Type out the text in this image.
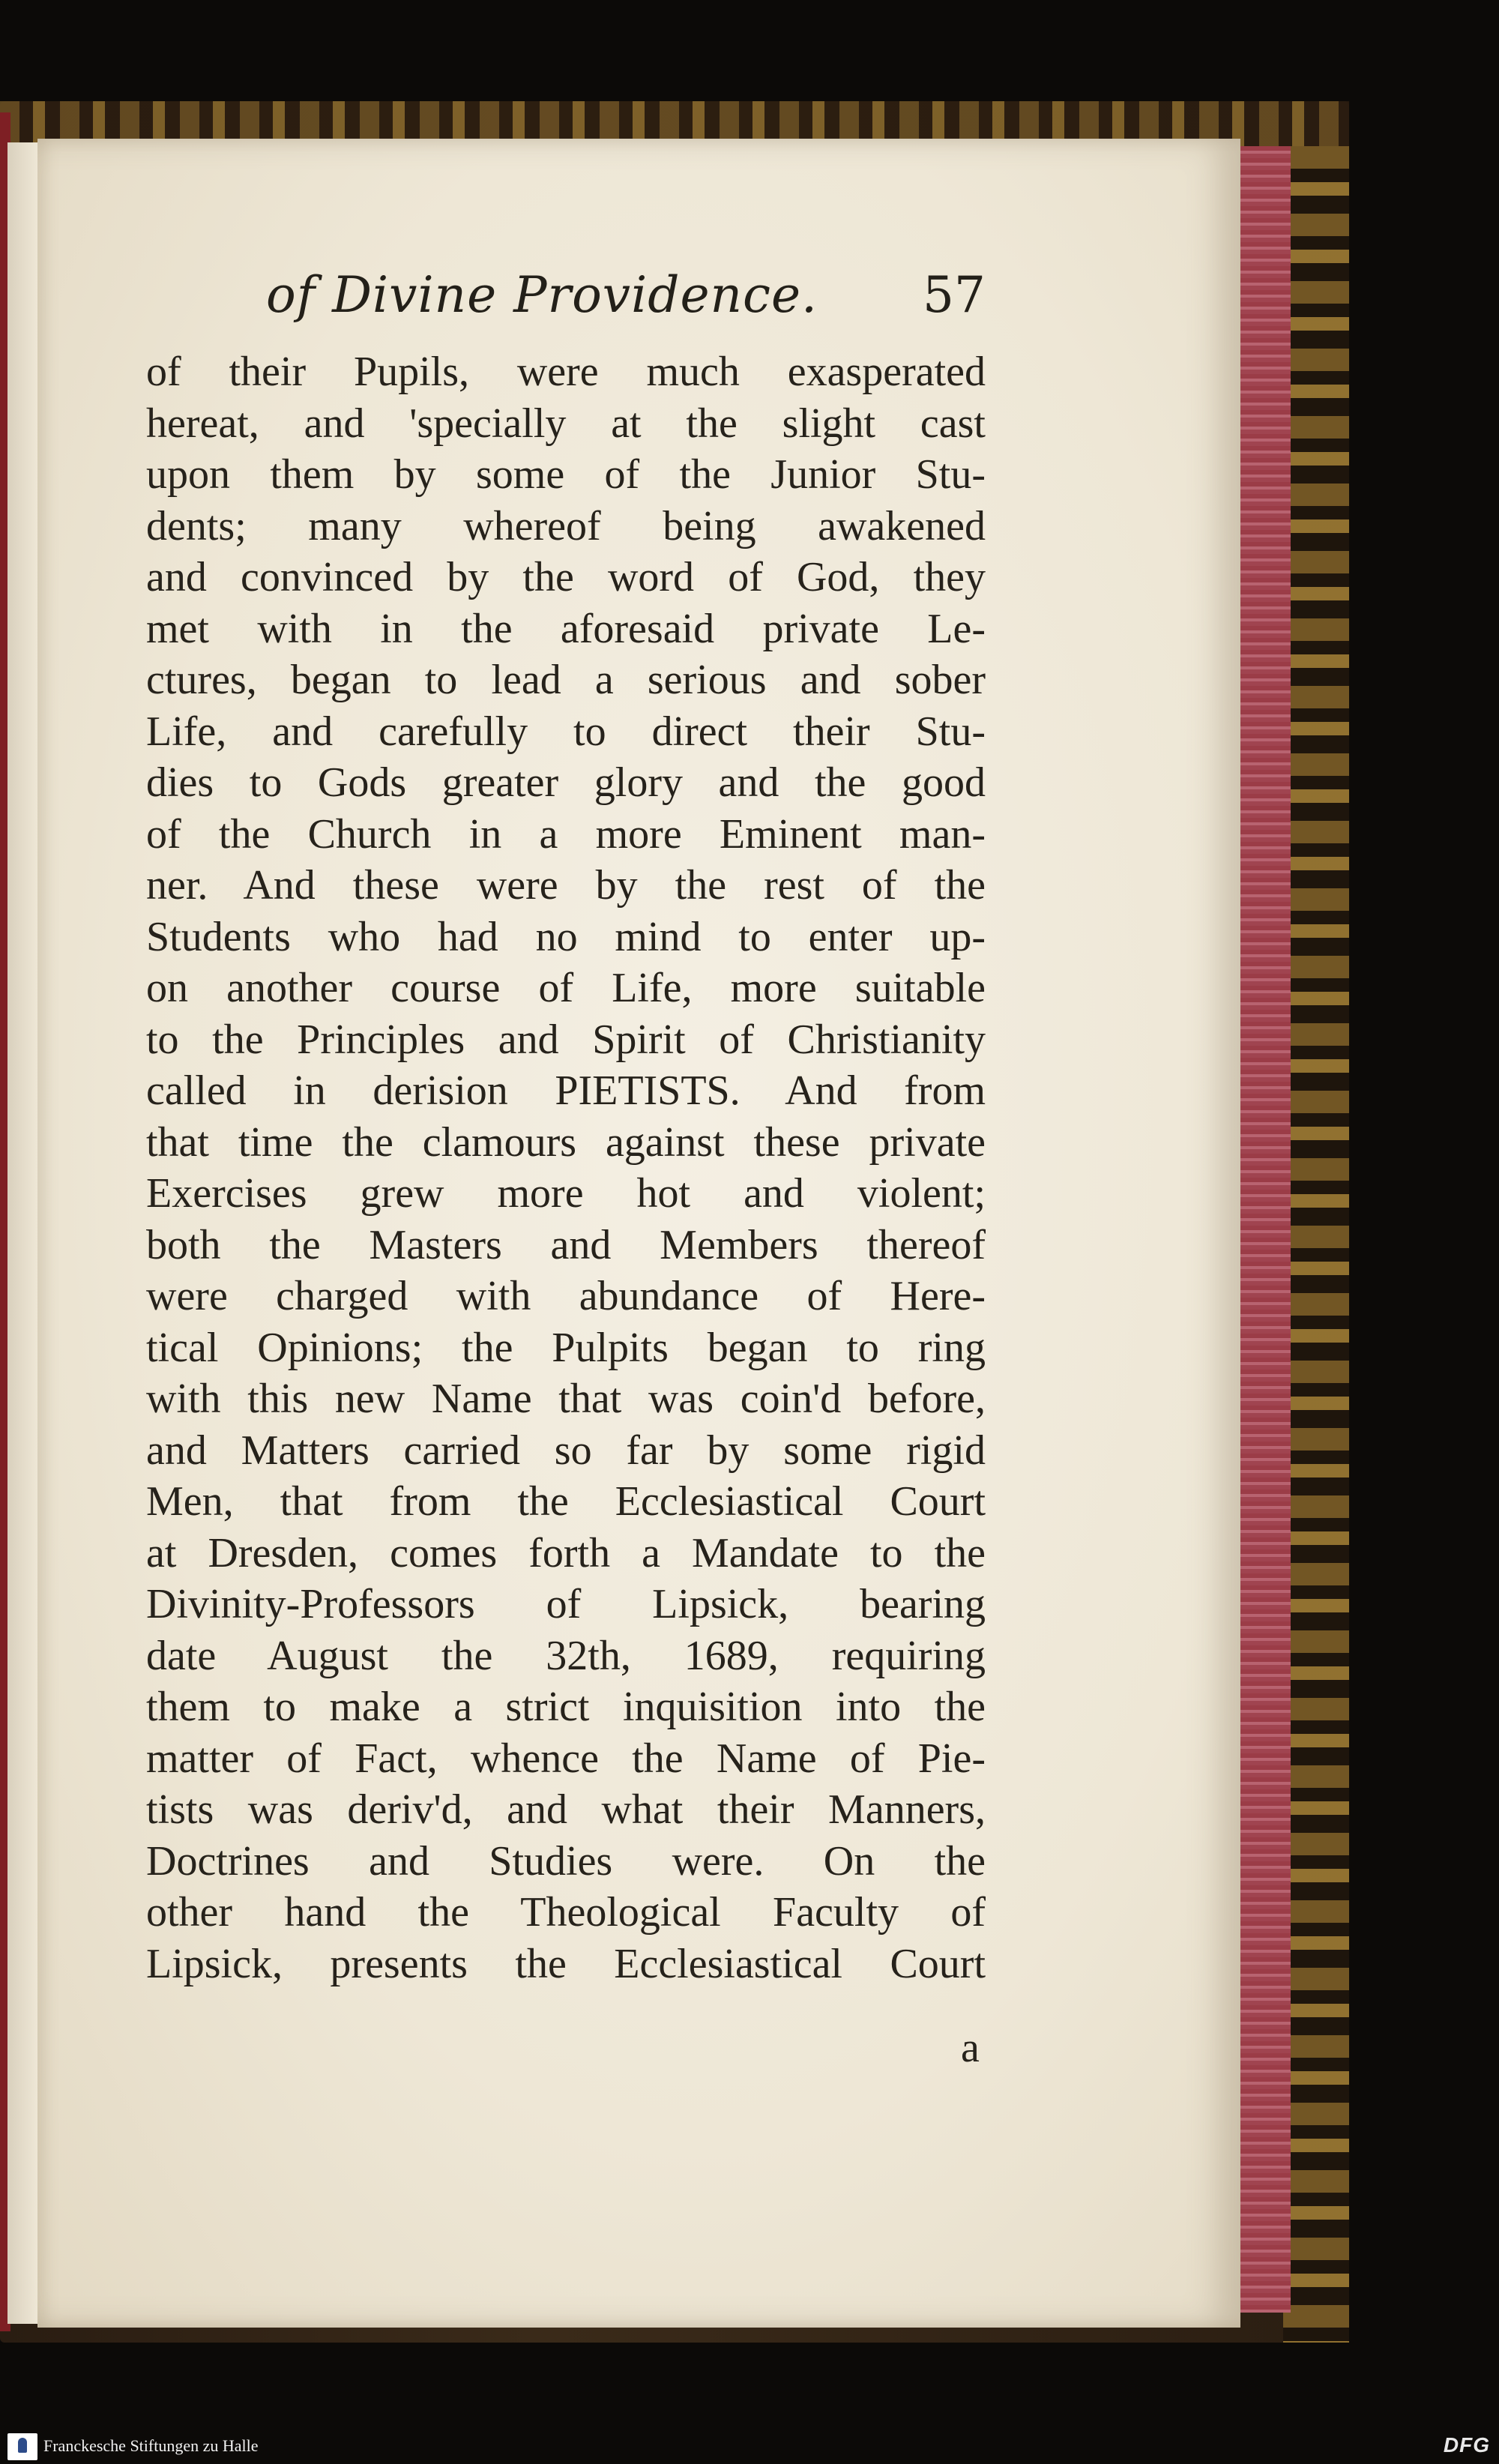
of Divine Providence. 57
of their Pupils, were much exasperated
hereat, and 'specially at the slight cast
upon them by some of the Junior Stu-
dents; many whereof being awakened
and convinced by the word of God, they
met with in the aforesaid private Le-
ctures, began to lead a serious and sober
Life, and carefully to direct their Stu-
dies to Gods greater glory and the good
of the Church in a more Eminent man-
ner. And these were by the rest of the
Students who had no mind to enter up-
on another course of Life, more suitable
to the Principles and Spirit of Christianity
called in derision PIETISTS. And from
that time the clamours against these private
Exercises grew more hot and violent;
both the Masters and Members thereof
were charged with abundance of Here-
tical Opinions; the Pulpits began to ring
with this new Name that was coin'd before,
and Matters carried so far by some rigid
Men, that from the Ecclesiastical Court
at Dresden, comes forth a Mandate to the
Divinity-Professors of Lipsick, bearing
date August the 32th, 1689, requiring
them to make a strict inquisition into the
matter of Fact, whence the Name of Pie-
tists was deriv'd, and what their Manners,
Doctrines and Studies were. On the
other hand the Theological Faculty of
Lipsick, presents the Ecclesiastical Court
a
Franckesche Stiftungen zu Halle	DFG
